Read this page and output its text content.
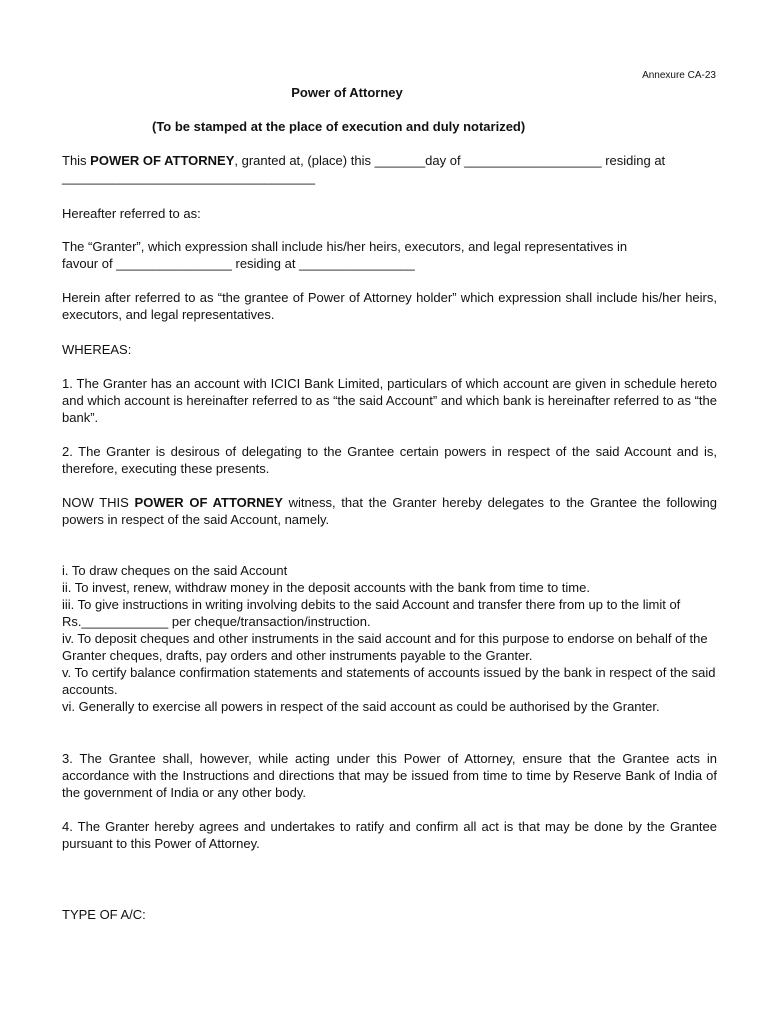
Annexure CA-23
Power of Attorney
(To be stamped at the place of execution and duly notarized)

This POWER OF ATTORNEY, granted at, (place) this _______day of ___________________ residing at

___________________________________

Hereafter referred to as:

The “Granter”, which expression shall include his/her heirs, executors, and legal representatives in

favour of ________________ residing at ________________

Herein after referred to as “the grantee of Power of Attorney holder” which expression shall include his/her heirs, executors, and legal representatives.

WHEREAS:

1. The Granter has an account with ICICI Bank Limited, particulars of which account are given in schedule hereto and which account is hereinafter referred to as “the said Account” and which bank is hereinafter referred to as “the bank”.

2. The Granter is desirous of delegating to the Grantee certain powers in respect of the said Account and is, therefore, executing these presents.

NOW THIS POWER OF ATTORNEY witness, that the Granter hereby delegates to the Grantee the following powers in respect of the said Account, namely.

i. To draw cheques on the said Account
ii. To invest, renew, withdraw money in the deposit accounts with the bank from time to time.
iii. To give instructions in writing involving debits to the said Account and transfer there from up to the limit of Rs.____________ per cheque/transaction/instruction.
iv. To deposit cheques and other instruments in the said account and for this purpose to endorse on behalf of the Granter cheques, drafts, pay orders and other instruments payable to the Granter.
v. To certify balance confirmation statements and statements of accounts issued by the bank in respect of the said accounts.
vi. Generally to exercise all powers in respect of the said account as could be authorised by the Granter.

3. The Grantee shall, however, while acting under this Power of Attorney, ensure that the Grantee acts in accordance with the Instructions and directions that may be issued from time to time by Reserve Bank of India of the government of India or any other body.

4. The Granter hereby agrees and undertakes to ratify and confirm all act is that may be done by the Grantee pursuant to this Power of Attorney.

TYPE OF A/C:
